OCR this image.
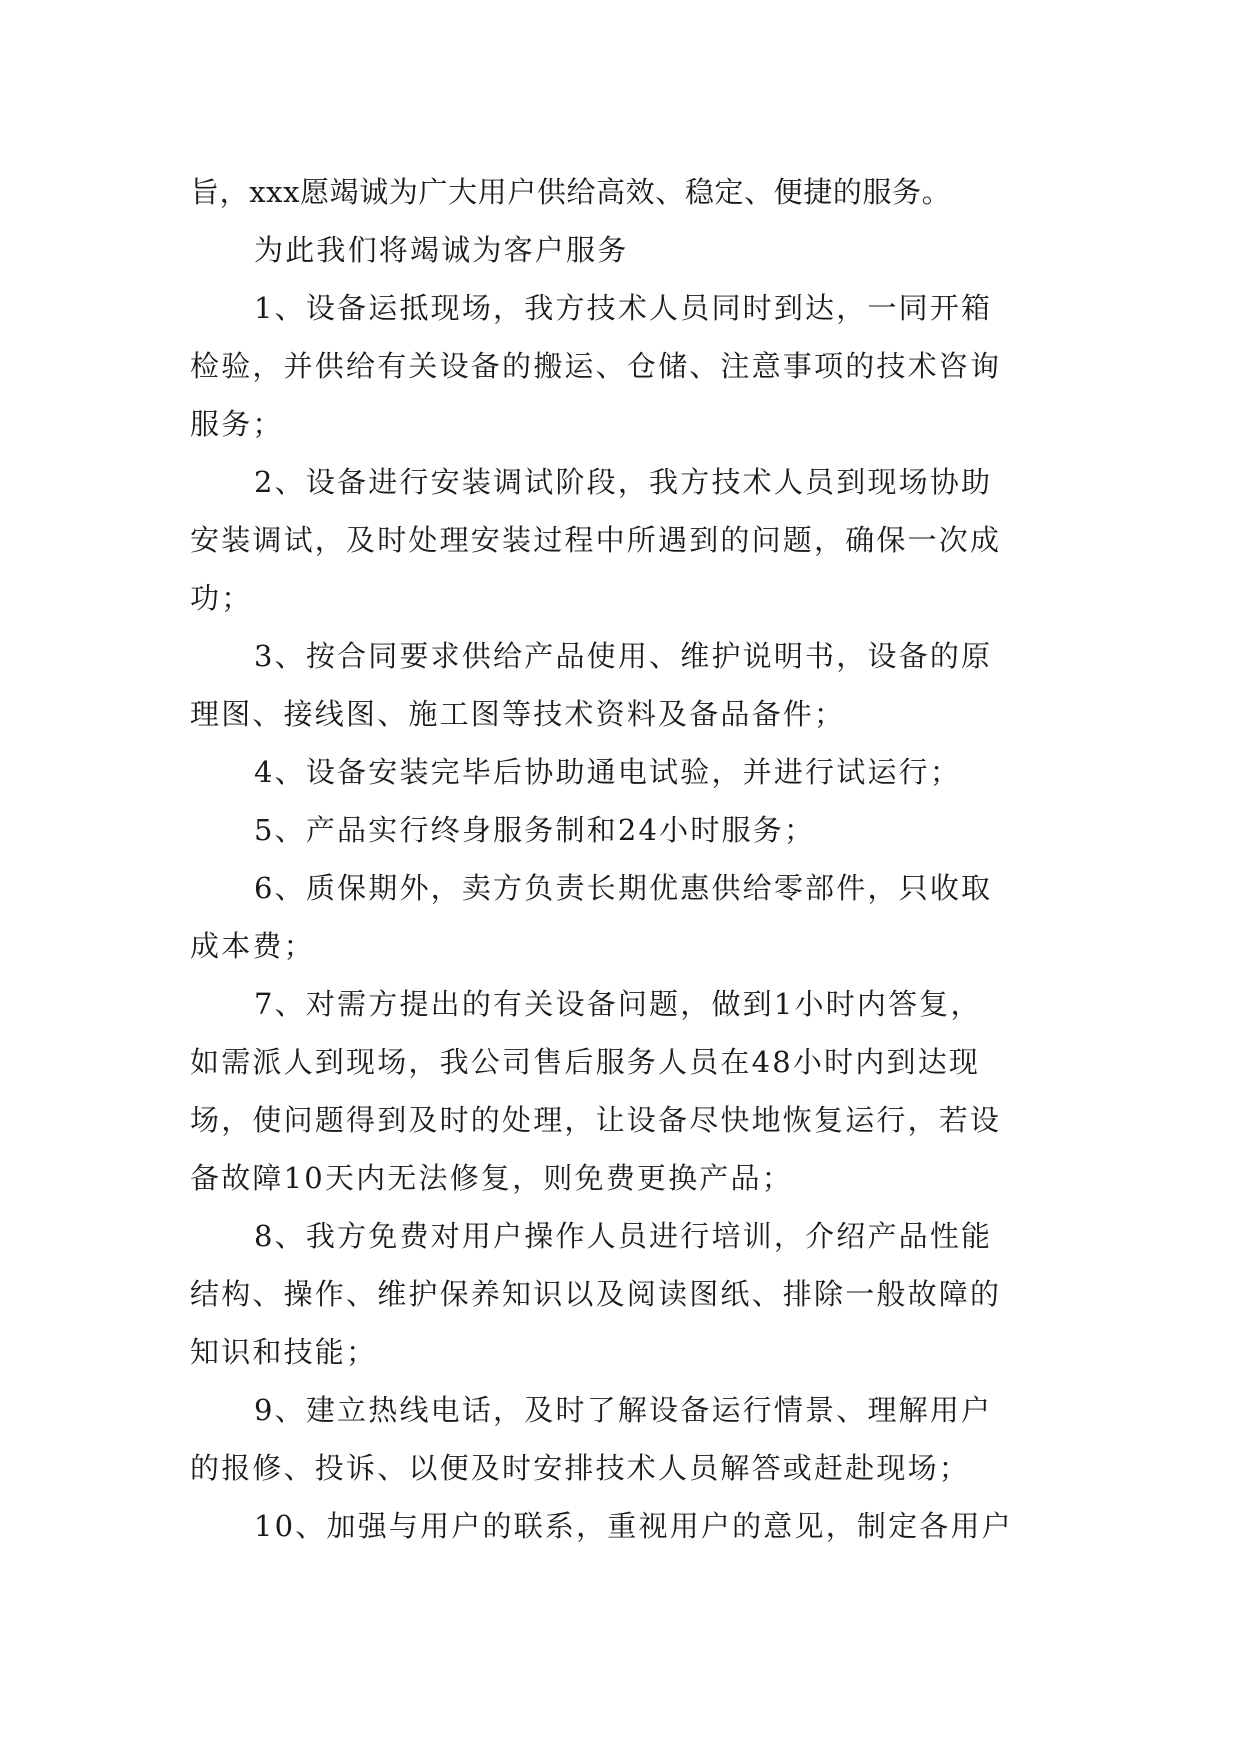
旨，xxx愿竭诚为广大用户供给高效、稳定、便捷的服务。
为此我们将竭诚为客户服务
1、设备运抵现场，我方技术人员同时到达，一同开箱
检验，并供给有关设备的搬运、仓储、注意事项的技术咨询
服务；
2、设备进行安装调试阶段，我方技术人员到现场协助
安装调试，及时处理安装过程中所遇到的问题，确保一次成
功；
3、按合同要求供给产品使用、维护说明书，设备的原
理图、接线图、施工图等技术资料及备品备件；
4、设备安装完毕后协助通电试验，并进行试运行；
5、产品实行终身服务制和24小时服务；
6、质保期外，卖方负责长期优惠供给零部件，只收取
成本费；
7、对需方提出的有关设备问题，做到1小时内答复，
如需派人到现场，我公司售后服务人员在48小时内到达现
场，使问题得到及时的处理，让设备尽快地恢复运行，若设
备故障10天内无法修复，则免费更换产品；
8、我方免费对用户操作人员进行培训，介绍产品性能
结构、操作、维护保养知识以及阅读图纸、排除一般故障的
知识和技能；
9、建立热线电话，及时了解设备运行情景、理解用户
的报修、投诉、以便及时安排技术人员解答或赶赴现场；
10、加强与用户的联系，重视用户的意见，制定各用户
